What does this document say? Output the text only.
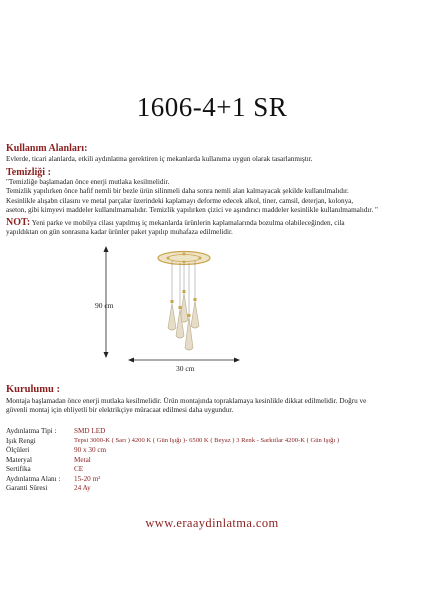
1606-4+1 SR
Kullanım Alanları:
Evlerde, ticari alanlarda, etkili aydınlatma gerektiren iç mekanlarda kullanıma uygun olarak tasarlanmıştır.
Temizliği :
"Temizliğe başlamadan önce enerji mutlaka kesilmelidir.
Temizlik yapılırken önce hafif nemli bir bezle ürün silinmeli daha sonra nemli alan kalmayacak şekilde kullanılmalıdır.
Kesinlikle alışabn cilasını ve metal parçalar üzerindeki kaplamayı deforme edecek alkol, tiner, camsil, deterjan, kolonya,
aseton, gibi kimyevi maddeler kullanılmamalıdır. Temizlik yapılırken çizici ve aşındırıcı maddeler kesinlikle kullanılmamalıdır. "
NOT: Yeni parke ve mobilya cilası yapılmış iç mekanlarda ürünlerin kaplamalarında bozulma olabileceğinden, cila
yapıldıktan on gün sonrasına kadar ürünler paket yapılıp muhafaza edilmelidir.
90 cm
30 cm
Kurulumu :
Montaja başlamadan önce enerji mutlaka kesilmelidir. Ürün montajında topraklamaya kesinlikle dikkat edilmelidir. Doğru ve
güvenli montaj için ehliyetli bir elektrikçiye müracaat edilmesi daha uygundur.
Aydınlatma Tipi : SMD LED
Işık Rengi	Tepsi 3000-K ( Sarı ) 4200 K ( Gün Işığı )- 6500 K ( Beyaz ) 3 Renk - Sarkıtlar 4200-K ( Gün Işığı )
Ölçüleri	90 x 30 cm
Materyal	Metal
Sertifika	CE
Aydınlatma Alanı : 15-20 m²
Garanti Süresi	24 Ay
www.eraaydinlatma.com
